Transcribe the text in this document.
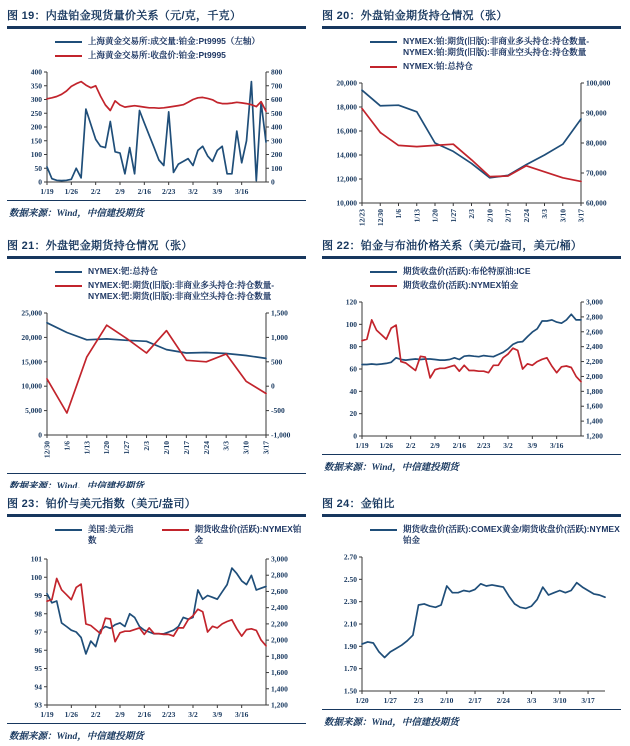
图 19：内盘铂金现货量价关系（元/克，千克）
上海黄金交易所:成交量:铂金:Pt9995（左轴）
上海黄金交易所:收盘价:铂金:Pt9995
0
50
100
150
200
250
300
350
400
0
100
200
300
400
500
600
700
800
1/19 1/26 2/2 2/9 2/16 2/23 3/2 3/9 3/16
数据来源：Wind，中信建投期货
图 20：外盘铂金期货持仓情况（张）
NYMEX:铂:期货(旧版):非商业多头持仓:持仓数量-NYMEX:铂:期货(旧版):非商业空头持仓:持仓数量
NYMEX:铂:总持仓
10,000
12,000
14,000
16,000
18,000
20,000
60,000
70,000
80,000
90,000
100,000
12/23 12/30 1/6 1/13 1/20 1/27 2/3 2/10 2/17 2/24 3/3 3/10 3/17
图 21：外盘钯金期货持仓情况（张）
NYMEX:钯:总持仓
NYMEX:钯:期货(旧版):非商业多头持仓:持仓数量-NYMEX:钯:期货(旧版):非商业空头持仓:持仓数量
0
5,000
10,000
15,000
20,000
25,000
-1,000
-500
0
500
1,000
1,500
12/30 1/6 1/13 1/20 1/27 2/3 2/10 2/17 2/24 3/3 3/10 3/17
图 22：铂金与布油价格关系（美元/盎司，美元/桶）
期货收盘价(活跃):布伦特原油:ICE
期货收盘价(活跃):NYMEX铂金
0
20
40
60
80
100
120
1,200
1,400
1,600
1,800
2,000
2,200
2,400
2,600
2,800
3,000
1/19 1/26 2/2 2/9 2/16 2/23 3/2 3/9 3/16
数据来源：Wind，中信建投期货
图 23：铂价与美元指数（美元/盎司）
美国:美元指数
期货收盘价(活跃):NYMEX铂金
93
94
95
96
97
98
99
100
101
1,200
1,400
1,600
1,800
2,000
2,200
2,400
2,600
2,800
3,000
1/19 1/26 2/2 2/9 2/16 2/23 3/2 3/9 3/16
数据来源：Wind，中信建投期货
图 24：金铂比
期货收盘价(活跃):COMEX黄金/期货收盘价(活跃):NYMEX铂金
1.50
1.70
1.90
2.10
2.30
2.50
2.70
1/20 1/27 2/3 2/10 2/17 2/24 3/3 3/10 3/17
数据来源：Wind，中信建投期货
